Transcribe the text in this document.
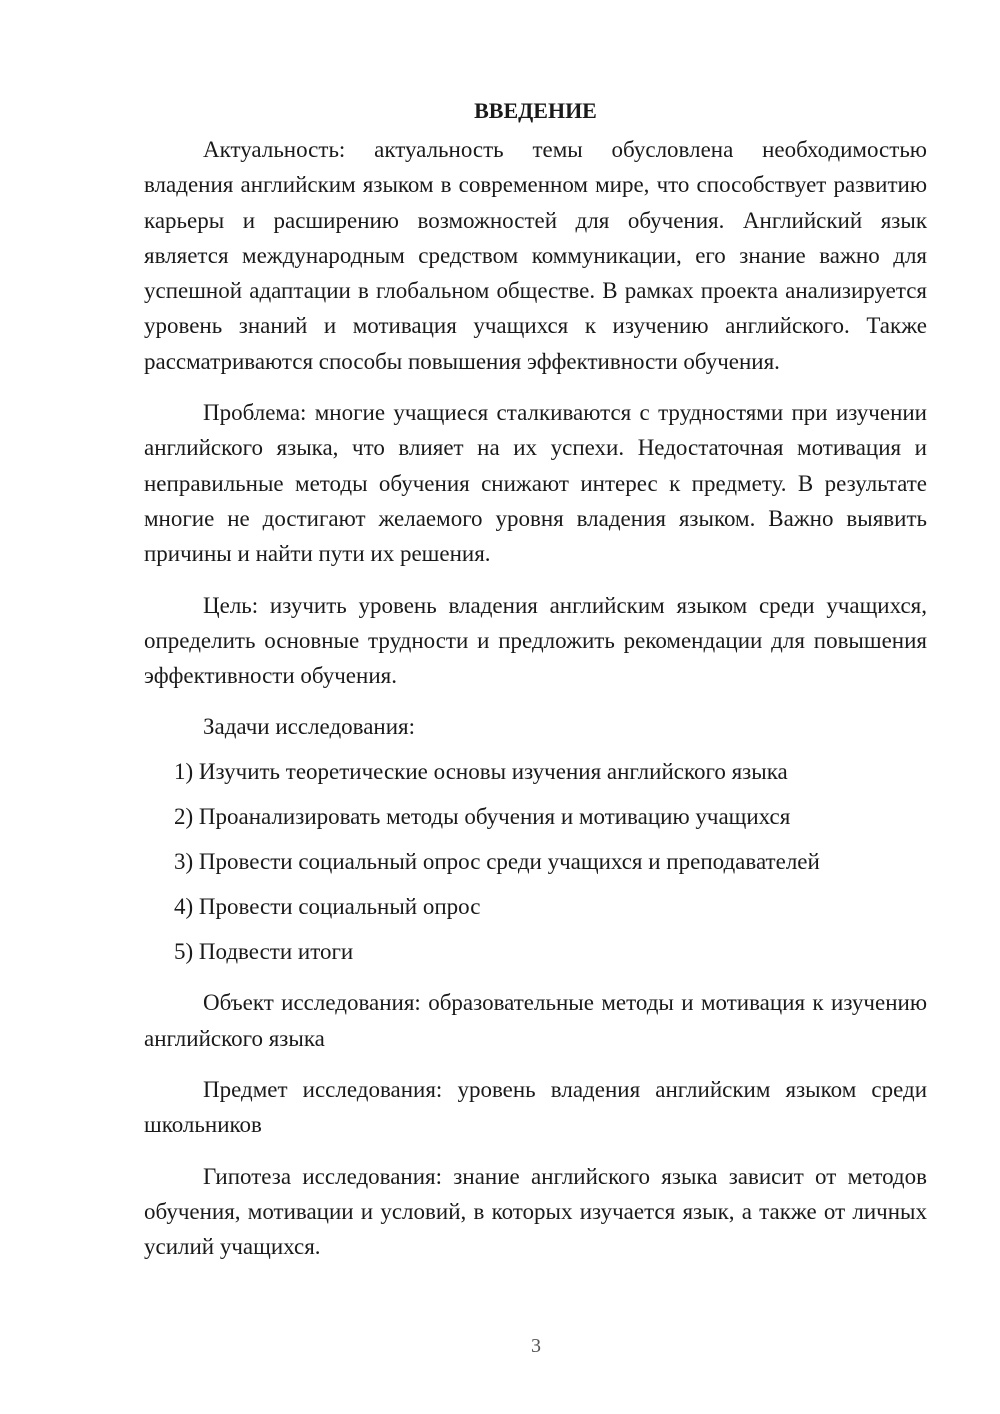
ВВЕДЕНИЕ

Актуальность: актуальность темы обусловлена необходимостью владения английским языком в современном мире, что способствует развитию карьеры и расширению возможностей для обучения. Английский язык является международным средством коммуникации, его знание важно для успешной адаптации в глобальном обществе. В рамках проекта анализируется уровень знаний и мотивация учащихся к изучению английского. Также рассматриваются способы повышения эффективности обучения.

Проблема: многие учащиеся сталкиваются с трудностями при изучении английского языка, что влияет на их успехи. Недостаточная мотивация и неправильные методы обучения снижают интерес к предмету. В результате многие не достигают желаемого уровня владения языком. Важно выявить причины и найти пути их решения.

Цель: изучить уровень владения английским языком среди учащихся, определить основные трудности и предложить рекомендации для повышения эффективности обучения.

Задачи исследования:

1) Изучить теоретические основы изучения английского языка

2) Проанализировать методы обучения и мотивацию учащихся

3) Провести социальный опрос среди учащихся и преподавателей

4) Провести социальный опрос

5) Подвести итоги

Объект исследования: образовательные методы и мотивация к изучению английского языка

Предмет исследования: уровень владения английским языком среди школьников

Гипотеза исследования: знание английского языка зависит от методов обучения, мотивации и условий, в которых изучается язык, а также от личных усилий учащихся.

3
